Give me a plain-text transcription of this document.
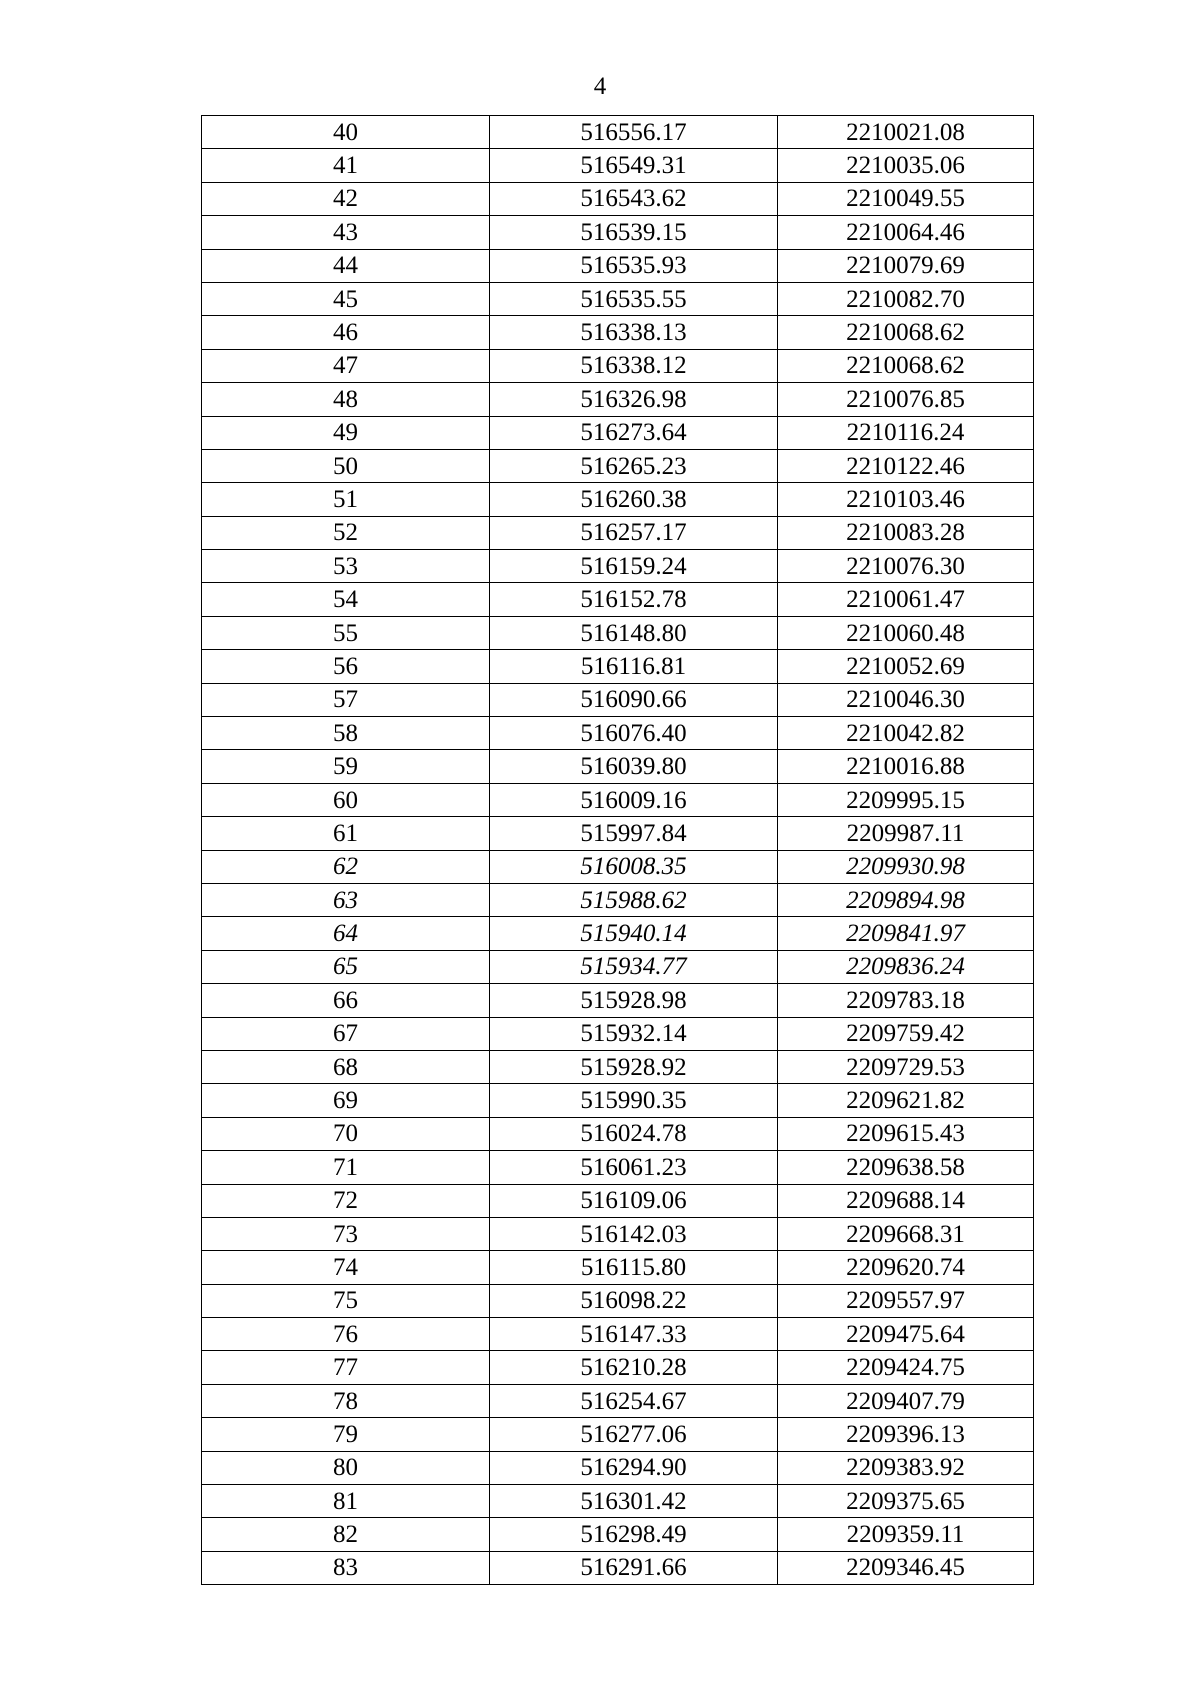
4
40	516556.17	2210021.08
41	516549.31	2210035.06
42	516543.62	2210049.55
43	516539.15	2210064.46
44	516535.93	2210079.69
45	516535.55	2210082.70
46	516338.13	2210068.62
47	516338.12	2210068.62
48	516326.98	2210076.85
49	516273.64	2210116.24
50	516265.23	2210122.46
51	516260.38	2210103.46
52	516257.17	2210083.28
53	516159.24	2210076.30
54	516152.78	2210061.47
55	516148.80	2210060.48
56	516116.81	2210052.69
57	516090.66	2210046.30
58	516076.40	2210042.82
59	516039.80	2210016.88
60	516009.16	2209995.15
61	515997.84	2209987.11
62	516008.35	2209930.98
63	515988.62	2209894.98
64	515940.14	2209841.97
65	515934.77	2209836.24
66	515928.98	2209783.18
67	515932.14	2209759.42
68	515928.92	2209729.53
69	515990.35	2209621.82
70	516024.78	2209615.43
71	516061.23	2209638.58
72	516109.06	2209688.14
73	516142.03	2209668.31
74	516115.80	2209620.74
75	516098.22	2209557.97
76	516147.33	2209475.64
77	516210.28	2209424.75
78	516254.67	2209407.79
79	516277.06	2209396.13
80	516294.90	2209383.92
81	516301.42	2209375.65
82	516298.49	2209359.11
83	516291.66	2209346.45
